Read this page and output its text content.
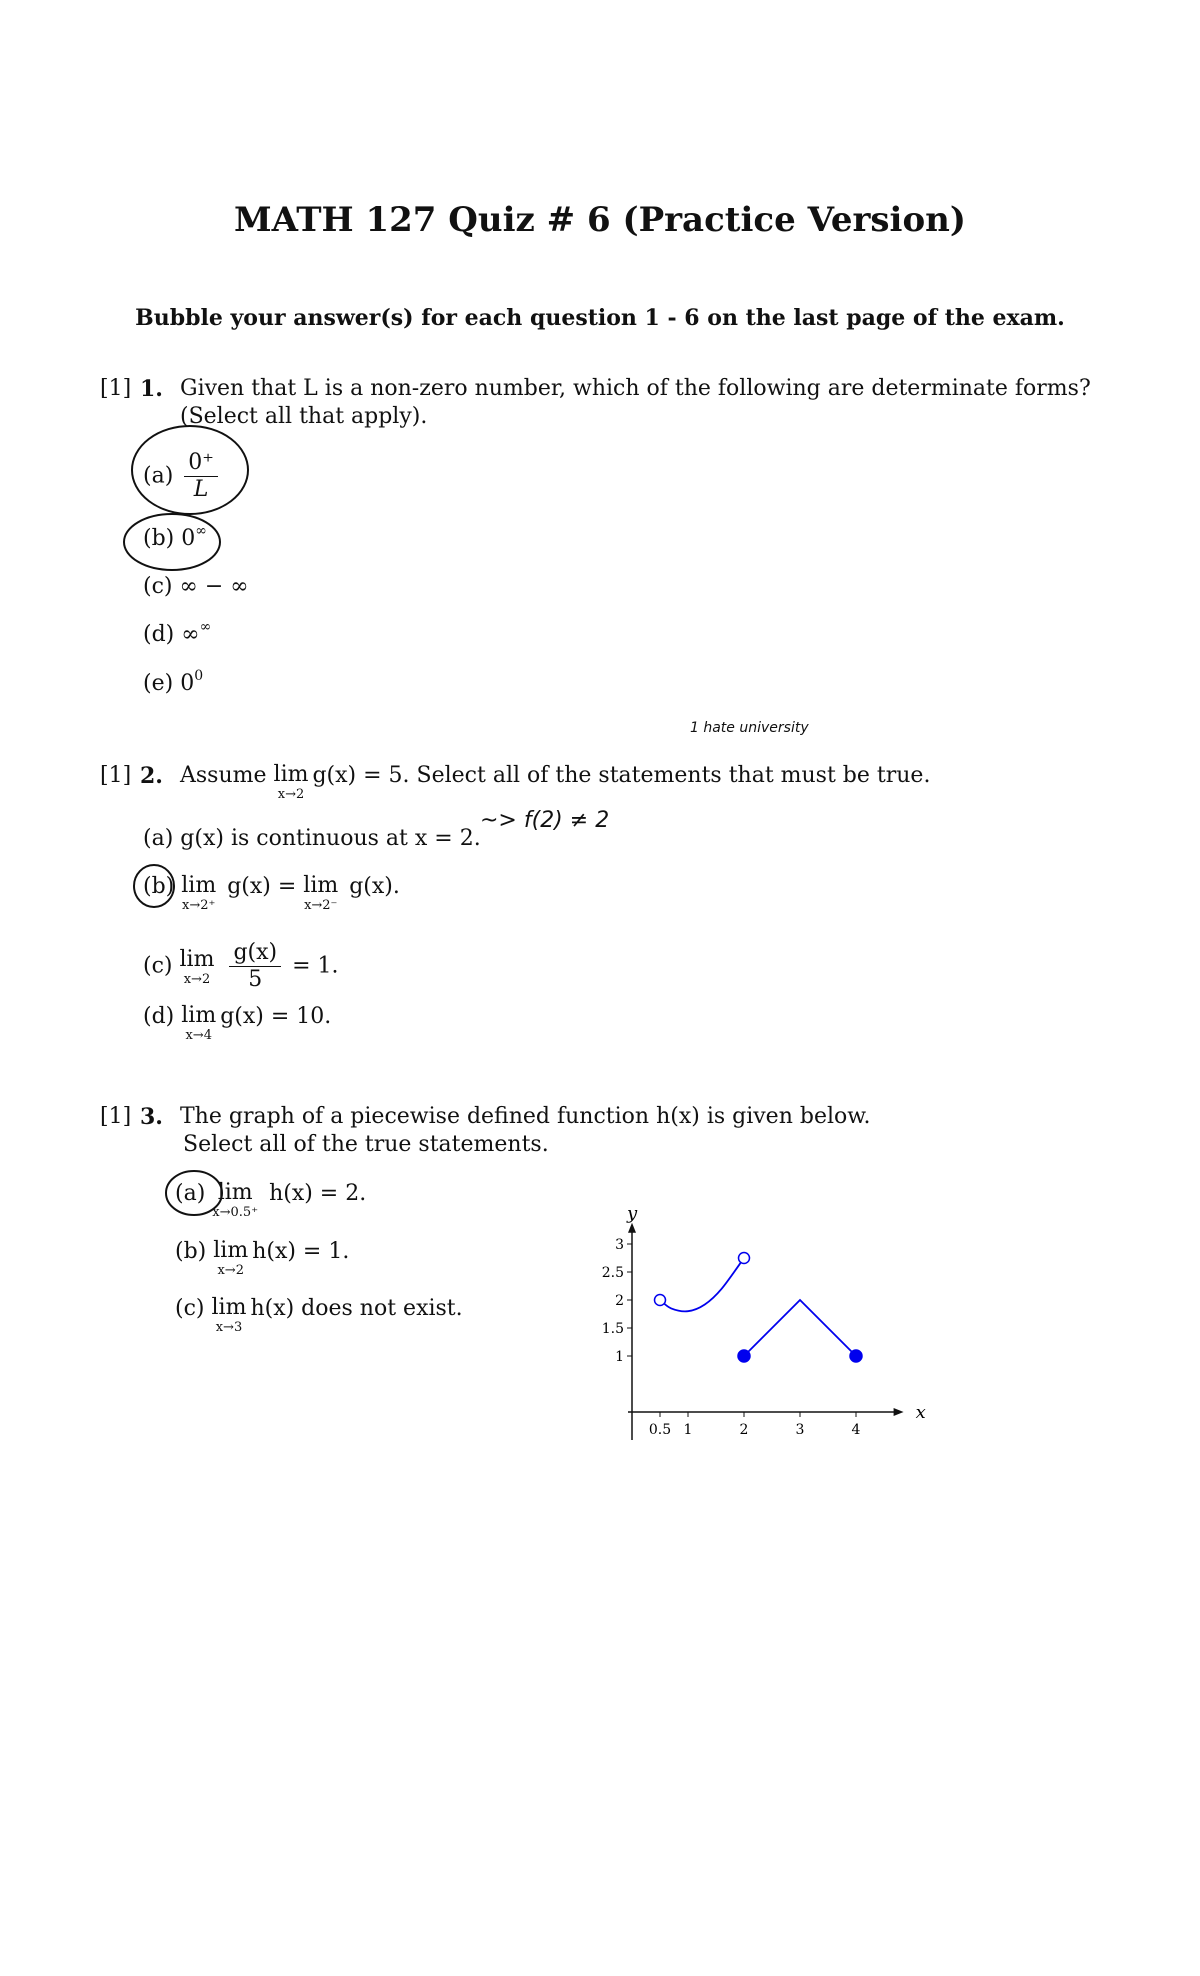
MATH 127 Quiz # 6 (Practice Version)
Bubble your answer(s) for each question 1 - 6 on the last page of the exam.
[1] 1. Given that L is a non-zero number, which of the following are determinate forms?
(Select all that apply).
$(a) \frac{0^+}{L}$
(b) 0∞
(c) ∞ − ∞
(d) ∞∞
(e) $0^0$
1 hate university
[1] 2. Assume lim
x→2
g(x) = 5. Select all of the statements that must be true.
(a) g(x) is continuous at x = 2.
~> f(2) ≠ 2
(b) lim
x→2⁺
g(x) = lim
x→2⁻
g(x).
(c) lim
x→2
$\frac{g(x)}{5} = 1$.
(d) lim
x→4
g(x) = 10.
[1] 3. The graph of a piecewise defined function h(x) is given below.
Select all of the true statements.
(a) lim
x→0.5⁺
h(x) = 2.
(b) lim
x→2
h(x) = 1.
(c) lim
x→3
h(x) does not exist.
x
y
0.5 1	2	3	4
1
1.5
2
2.5
3
